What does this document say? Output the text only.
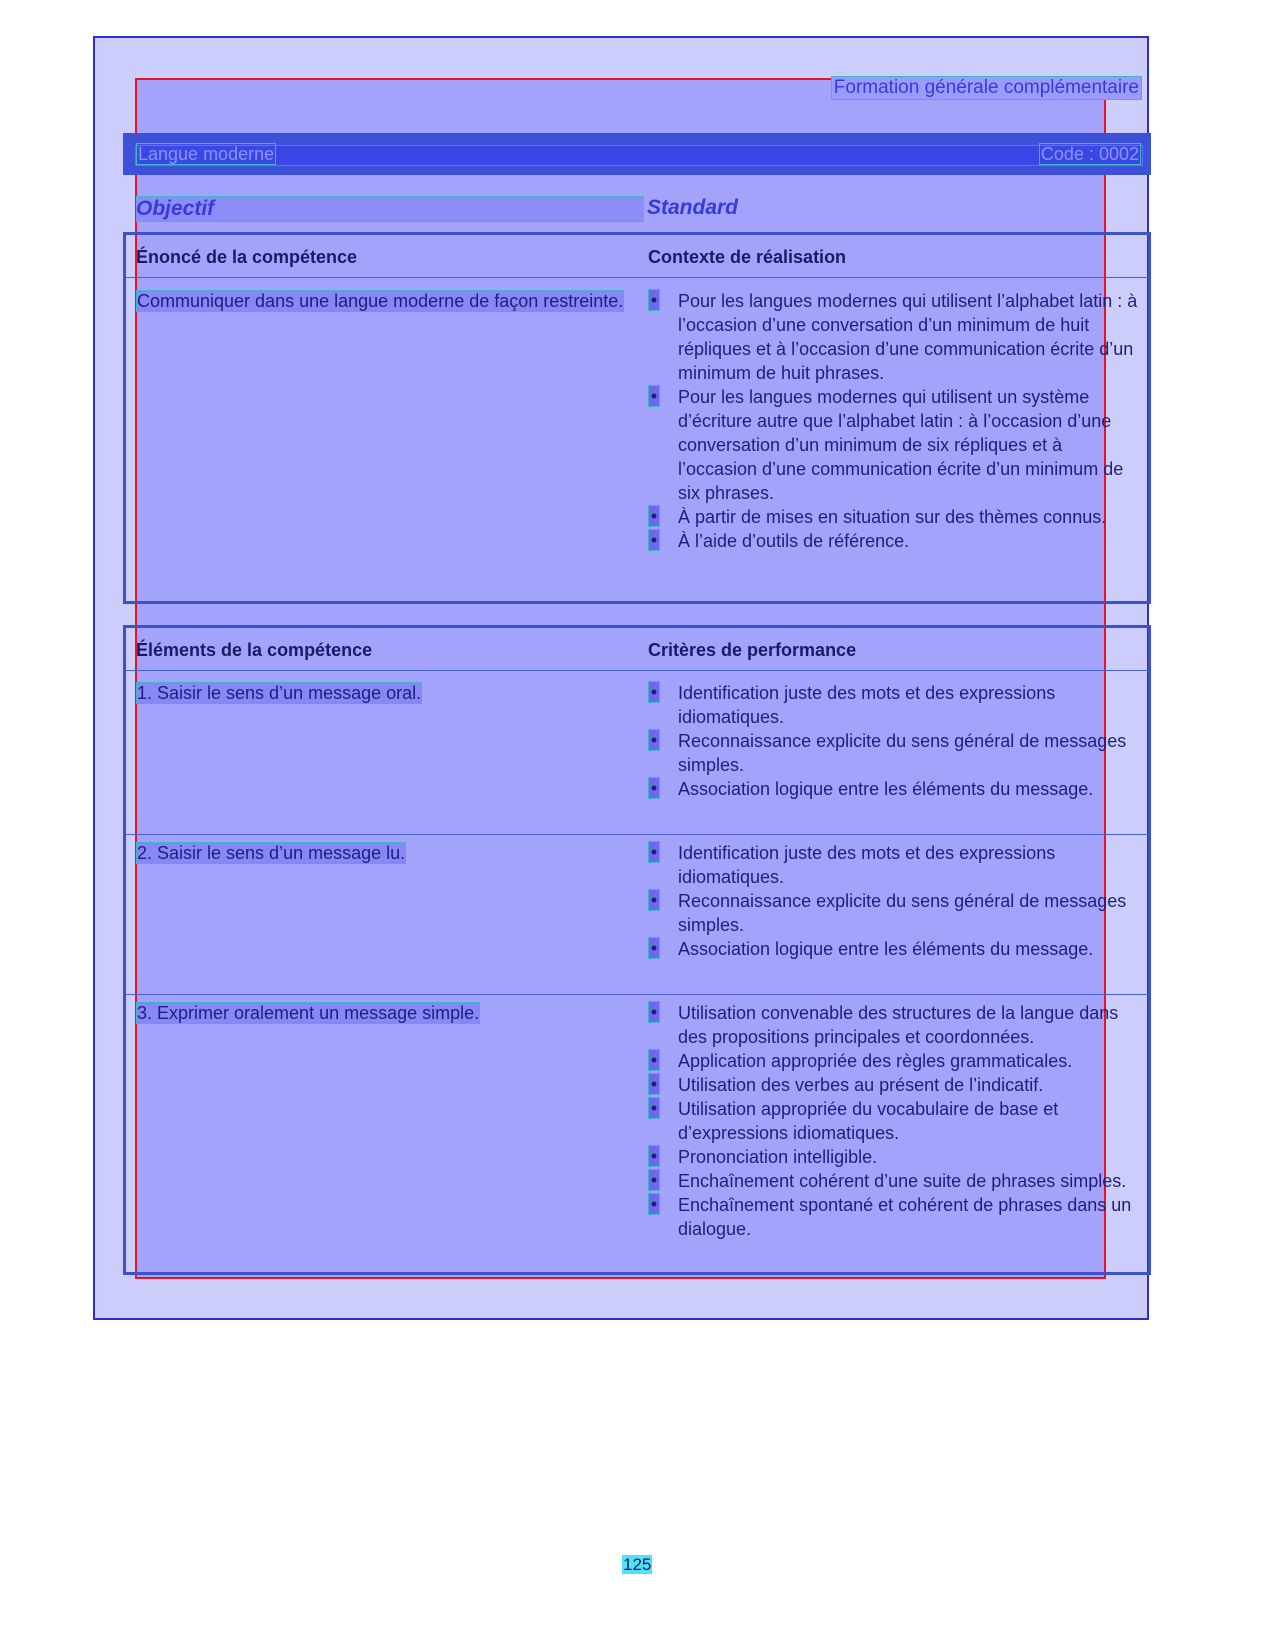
Formation générale complémentaire
Langue moderne	Code : 0002
Objectif	Standard
Énoncé de la compétence	Contexte de réalisation
Communiquer dans une langue moderne de façon restreinte.	• Pour les langues modernes qui utilisent l’alphabet latin : à l’occasion d’une conversation d’un minimum de huit répliques et à l’occasion d’une communication écrite d’un minimum de huit phrases.
• Pour les langues modernes qui utilisent un système d’écriture autre que l’alphabet latin : à l’occasion d’une conversation d’un minimum de six répliques et à l’occasion d’une communication écrite d’un minimum de six phrases.
• À partir de mises en situation sur des thèmes connus.
• À l’aide d’outils de référence.
Éléments de la compétence	Critères de performance
1. Saisir le sens d’un message oral.	• Identification juste des mots et des expressions idiomatiques.
• Reconnaissance explicite du sens général de messages simples.
• Association logique entre les éléments du message.
2. Saisir le sens d’un message lu.	• Identification juste des mots et des expressions idiomatiques.
• Reconnaissance explicite du sens général de messages simples.
• Association logique entre les éléments du message.
3. Exprimer oralement un message simple.	• Utilisation convenable des structures de la langue dans des propositions principales et coordonnées.
• Application appropriée des règles grammaticales.
• Utilisation des verbes au présent de l’indicatif.
• Utilisation appropriée du vocabulaire de base et d’expressions idiomatiques.
• Prononciation intelligible.
• Enchaînement cohérent d’une suite de phrases simples.
• Enchaînement spontané et cohérent de phrases dans un dialogue.
125
